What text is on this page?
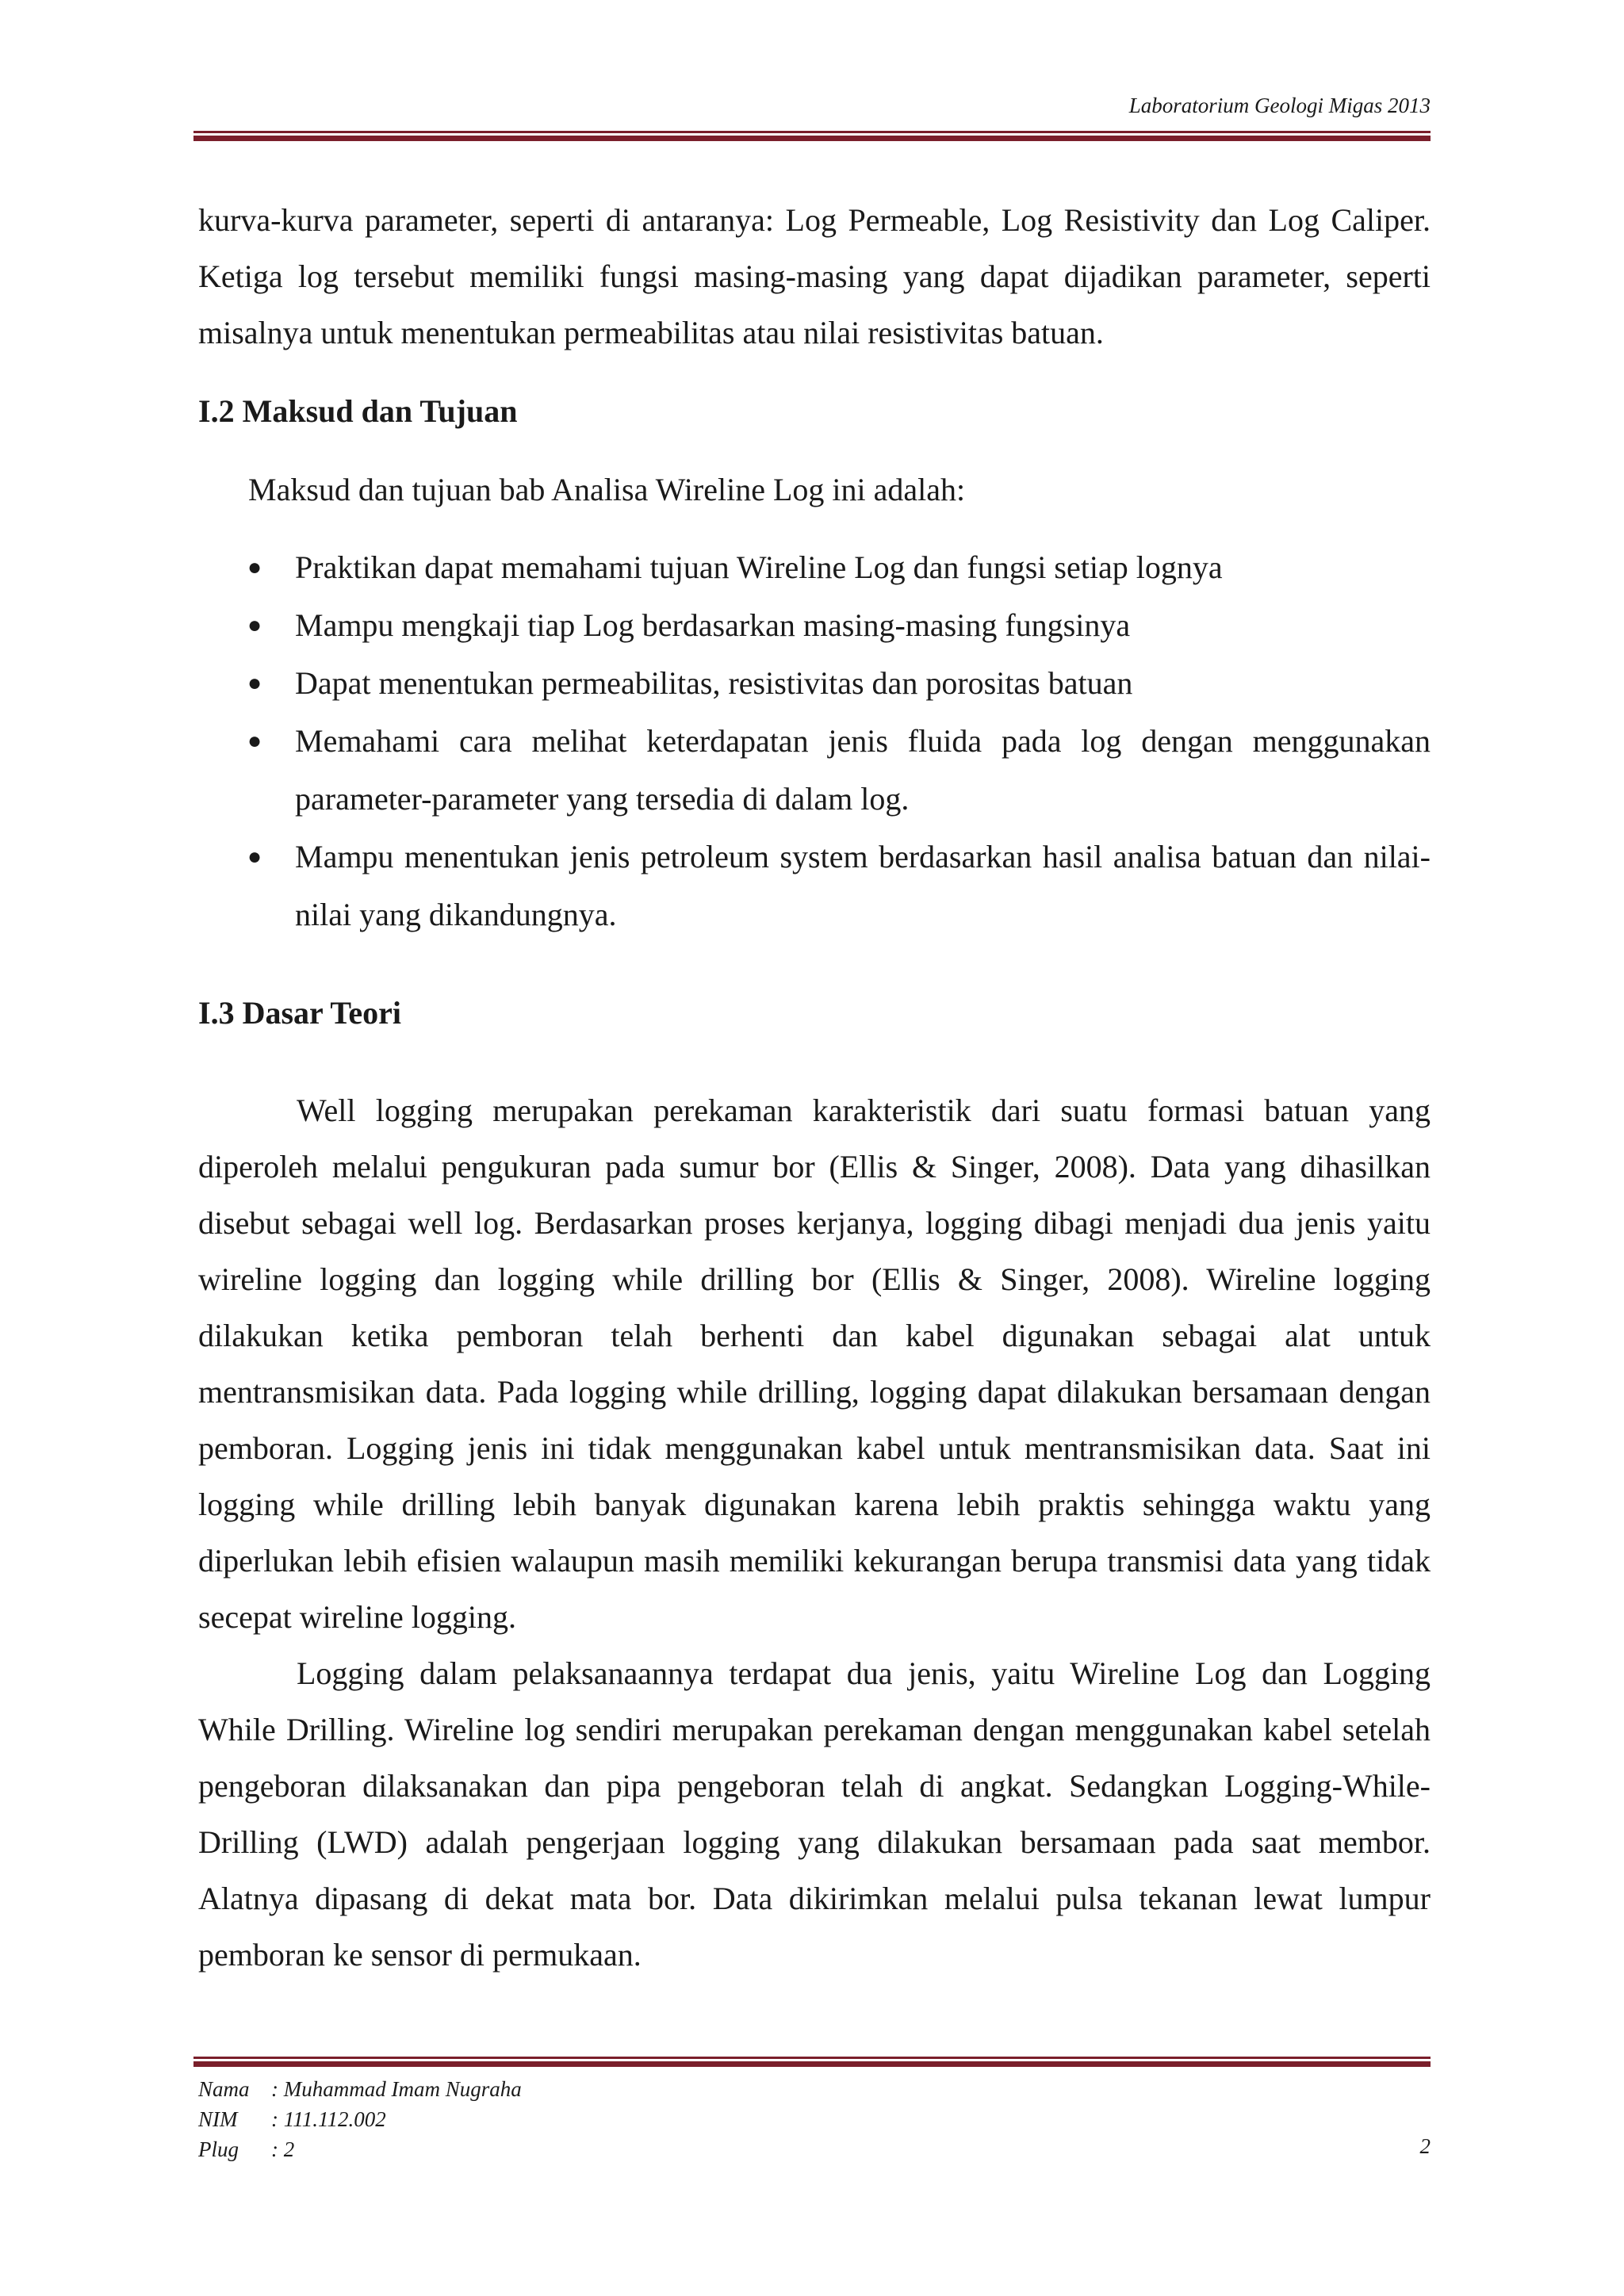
Laboratorium Geologi Migas 2013

kurva-kurva parameter, seperti di antaranya: Log Permeable, Log Resistivity dan Log Caliper. Ketiga log tersebut memiliki fungsi masing-masing yang dapat dijadikan parameter, seperti misalnya untuk menentukan permeabilitas atau nilai resistivitas batuan.

I.2 Maksud dan Tujuan

Maksud dan tujuan bab Analisa Wireline Log ini adalah:

● Praktikan dapat memahami tujuan Wireline Log dan fungsi setiap lognya
● Mampu mengkaji tiap Log berdasarkan masing-masing fungsinya
● Dapat menentukan permeabilitas, resistivitas dan porositas batuan
● Memahami cara melihat keterdapatan jenis fluida pada log dengan menggunakan parameter-parameter yang tersedia di dalam log.
● Mampu menentukan jenis petroleum system berdasarkan hasil analisa batuan dan nilai-nilai yang dikandungnya.
I.3 Dasar Teori

Well logging merupakan perekaman karakteristik dari suatu formasi batuan yang diperoleh melalui pengukuran pada sumur bor (Ellis & Singer, 2008). Data yang dihasilkan disebut sebagai well log. Berdasarkan proses kerjanya, logging dibagi menjadi dua jenis yaitu wireline logging dan logging while drilling bor (Ellis & Singer, 2008). Wireline logging dilakukan ketika pemboran telah berhenti dan kabel digunakan sebagai alat untuk mentransmisikan data. Pada logging while drilling, logging dapat dilakukan bersamaan dengan pemboran. Logging jenis ini tidak menggunakan kabel untuk mentransmisikan data. Saat ini logging while drilling lebih banyak digunakan karena lebih praktis sehingga waktu yang diperlukan lebih efisien walaupun masih memiliki kekurangan berupa transmisi data yang tidak secepat wireline logging.

Logging dalam pelaksanaannya terdapat dua jenis, yaitu Wireline Log dan Logging While Drilling. Wireline log sendiri merupakan perekaman dengan menggunakan kabel setelah pengeboran dilaksanakan dan pipa pengeboran telah di angkat. Sedangkan Logging-While-Drilling (LWD) adalah pengerjaan logging yang dilakukan bersamaan pada saat membor. Alatnya dipasang di dekat mata bor. Data dikirimkan melalui pulsa tekanan lewat lumpur pemboran ke sensor di permukaan.

Nama	: Muhammad Imam Nugraha
NIM	: 111.112.002
Plug	: 2	2
